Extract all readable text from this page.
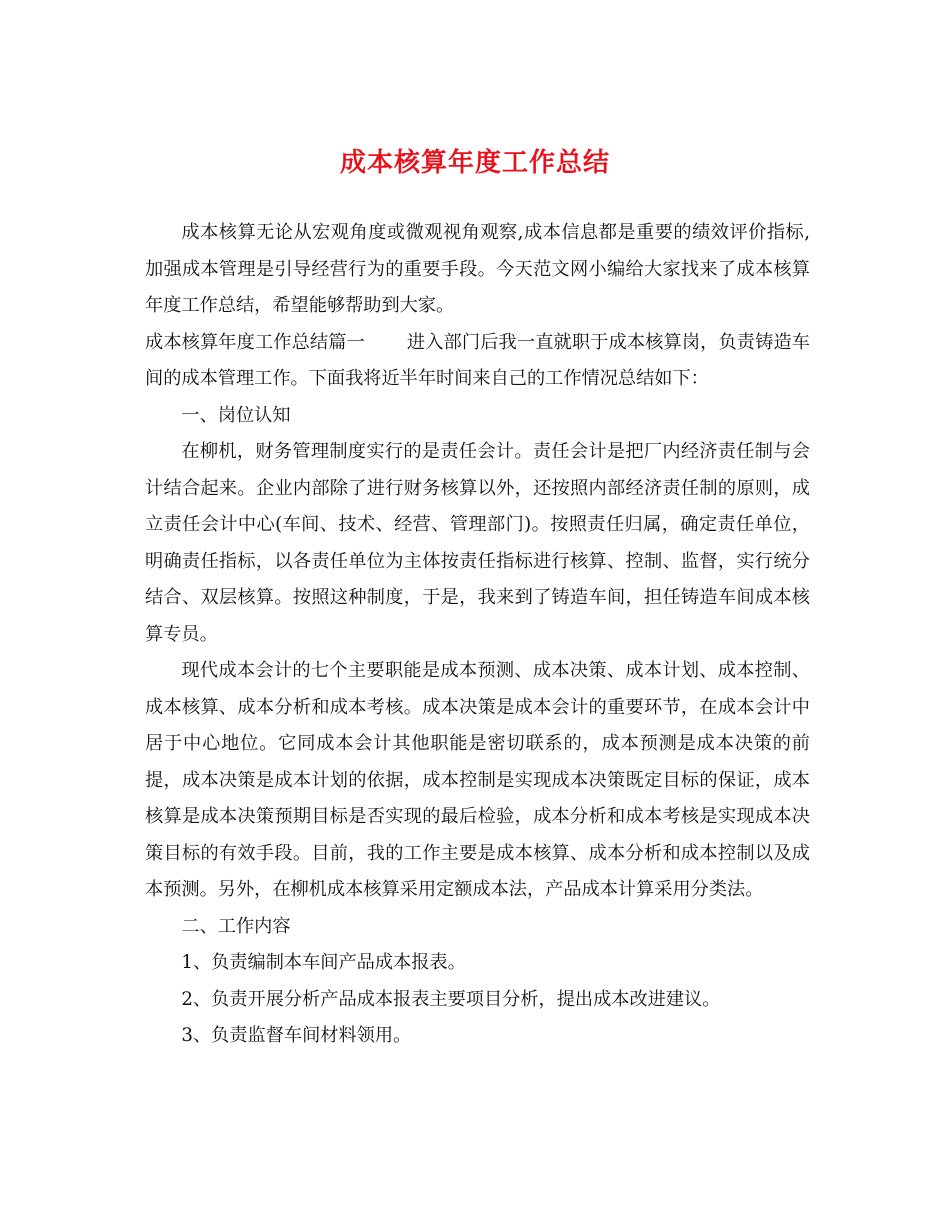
成本核算年度工作总结

成本核算无论从宏观角度或微观视角观察,成本信息都是重要的绩效评价指标,加强成本管理是引导经营行为的重要手段。今天范文网小编给大家找来了成本核算年度工作总结，希望能够帮助到大家。

成本核算年度工作总结篇一 进入部门后我一直就职于成本核算岗，负责铸造车间的成本管理工作。下面我将近半年时间来自己的工作情况总结如下：

一、岗位认知

在柳机，财务管理制度实行的是责任会计。责任会计是把厂内经济责任制与会计结合起来。企业内部除了进行财务核算以外，还按照内部经济责任制的原则，成立责任会计中心(车间、技术、经营、管理部门)。按照责任归属，确定责任单位，明确责任指标，以各责任单位为主体按责任指标进行核算、控制、监督，实行统分结合、双层核算。按照这种制度，于是，我来到了铸造车间，担任铸造车间成本核算专员。

现代成本会计的七个主要职能是成本预测、成本决策、成本计划、成本控制、成本核算、成本分析和成本考核。成本决策是成本会计的重要环节，在成本会计中居于中心地位。它同成本会计其他职能是密切联系的，成本预测是成本决策的前提，成本决策是成本计划的依据，成本控制是实现成本决策既定目标的保证，成本核算是成本决策预期目标是否实现的最后检验，成本分析和成本考核是实现成本决策目标的有效手段。目前，我的工作主要是成本核算、成本分析和成本控制以及成本预测。另外，在柳机成本核算采用定额成本法，产品成本计算采用分类法。

二、工作内容

1、负责编制本车间产品成本报表。

2、负责开展分析产品成本报表主要项目分析，提出成本改进建议。

3、负责监督车间材料领用。
